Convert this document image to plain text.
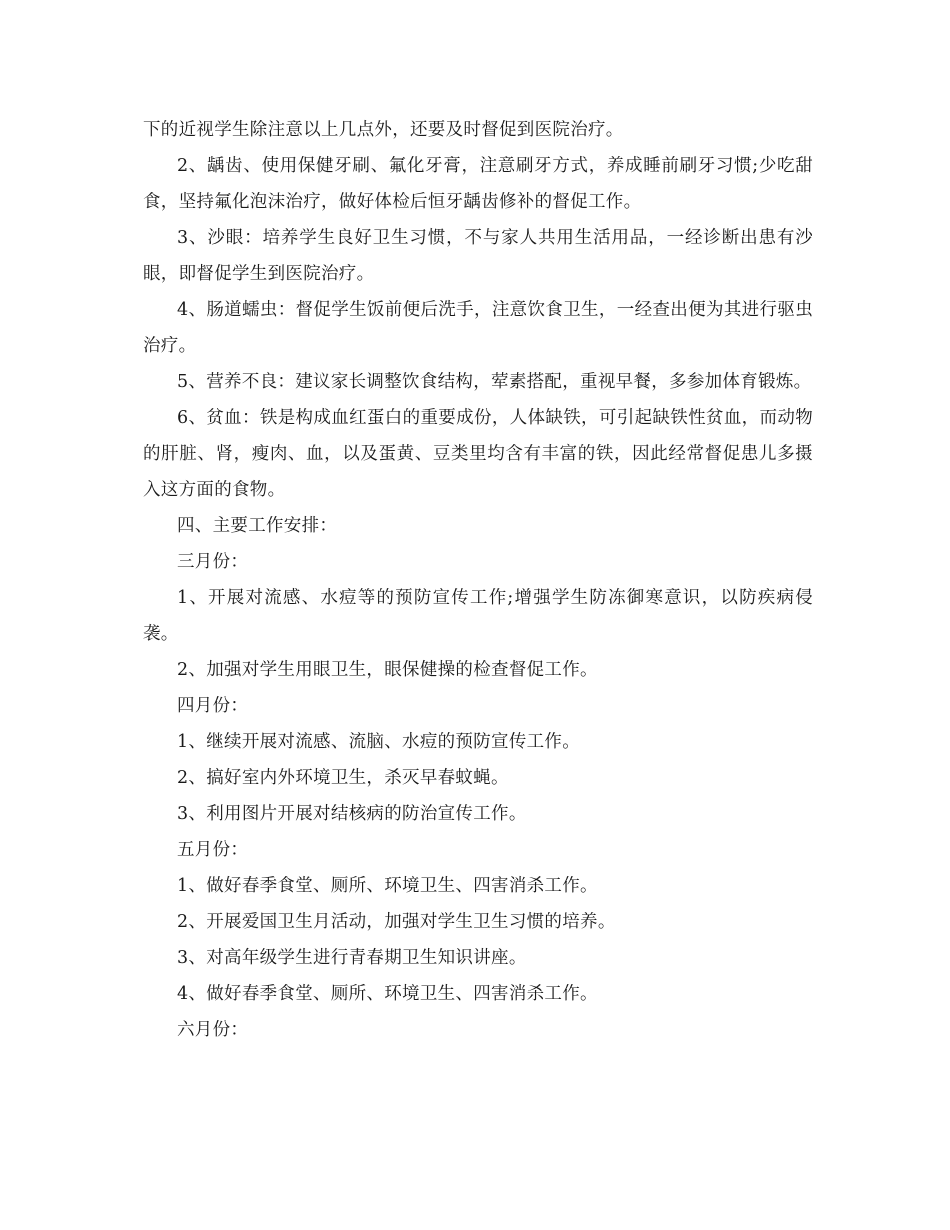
下的近视学生除注意以上几点外，还要及时督促到医院治疗。

2、龋齿、使用保健牙刷、氟化牙膏，注意刷牙方式，养成睡前刷牙习惯;少吃甜食，坚持氟化泡沫治疗，做好体检后恒牙龋齿修补的督促工作。

3、沙眼：培养学生良好卫生习惯，不与家人共用生活用品，一经诊断出患有沙眼，即督促学生到医院治疗。

4、肠道蠕虫：督促学生饭前便后洗手，注意饮食卫生，一经查出便为其进行驱虫治疗。

5、营养不良：建议家长调整饮食结构，荤素搭配，重视早餐，多参加体育锻炼。

6、贫血：铁是构成血红蛋白的重要成份，人体缺铁，可引起缺铁性贫血，而动物的肝脏、肾，瘦肉、血，以及蛋黄、豆类里均含有丰富的铁，因此经常督促患儿多摄入这方面的食物。

四、主要工作安排：

三月份：

1、开展对流感、水痘等的预防宣传工作;增强学生防冻御寒意识，以防疾病侵袭。

2、加强对学生用眼卫生，眼保健操的检查督促工作。

四月份：

1、继续开展对流感、流脑、水痘的预防宣传工作。

2、搞好室内外环境卫生，杀灭早春蚊蝇。

3、利用图片开展对结核病的防治宣传工作。

五月份：

1、做好春季食堂、厕所、环境卫生、四害消杀工作。

2、开展爱国卫生月活动，加强对学生卫生习惯的培养。

3、对高年级学生进行青春期卫生知识讲座。

4、做好春季食堂、厕所、环境卫生、四害消杀工作。

六月份：
